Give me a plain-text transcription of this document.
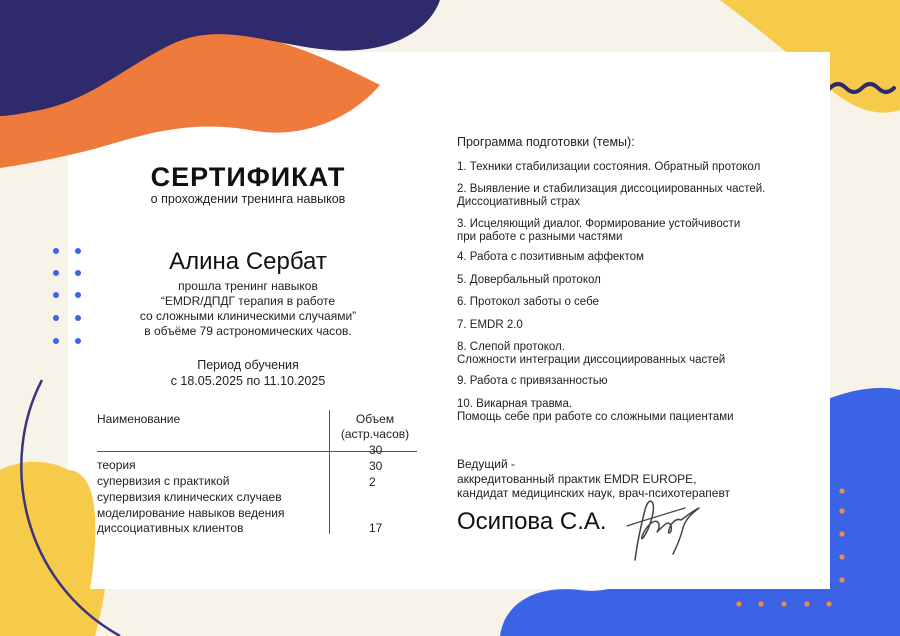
СЕРТИФИКАТ
о прохождении тренинга навыков
Алина Сербат
прошла тренинг навыков
“EMDR/ДПДГ терапия в работе
со сложными клиническими случаями”
в объёме 79 астрономических часов.
Период обучения
с 18.05.2025 по 11.10.2025
Наименование	Объем
(астр.часов)
теория
30
супервизия с практикой
30
супервизия клинических случаев
2
моделирование навыков ведения
диссоциативных клиентов	17
Программа подготовки (темы):
1. Техники стабилизации состояния. Обратный протокол
2. Выявление и стабилизация диссоциированных частей.
Диссоциативный страх
3. Исцеляющий диалог. Формирование устойчивости
при работе с разными частями
4. Работа с позитивным аффектом
5. Довербальный протокол
6. Протокол заботы о себе
7. EMDR 2.0
8. Слепой протокол.
Сложности интеграции диссоциированных частей
9. Работа с привязанностью
10. Викарная травма.
Помощь себе при работе со сложными пациентами
Ведущий -
аккредитованный практик EMDR EUROPE,
кандидат медицинских наук, врач-психотерапевт
Осипова С.А.
